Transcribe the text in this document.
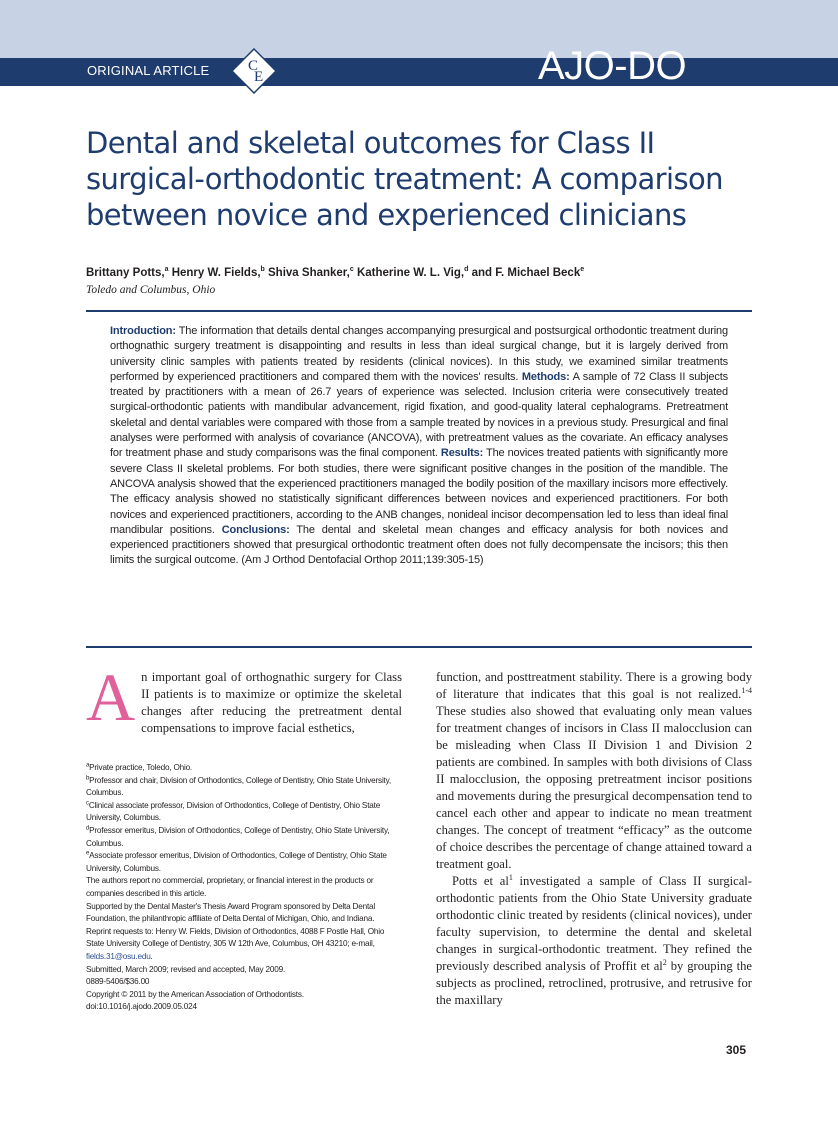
ORIGINAL ARTICLE	C
E	AJO-DO
Dental and skeletal outcomes for Class II surgical-orthodontic treatment: A comparison between novice and experienced clinicians
Brittany Potts,$^a$ Henry W. Fields,$^b$ Shiva Shanker,$^c$ Katherine W. L. Vig,$^d$ and F. Michael Beck$^e$
Toledo and Columbus, Ohio
Introduction: The information that details dental changes accompanying presurgical and postsurgical orthodontic treatment during orthognathic surgery treatment is disappointing and results in less than ideal surgical change, but it is largely derived from university clinic samples with patients treated by residents (clinical novices). In this study, we examined similar treatments performed by experienced practitioners and compared them with the novices' results. Methods: A sample of 72 Class II subjects treated by practitioners with a mean of 26.7 years of experience was selected. Inclusion criteria were consecutively treated surgical-orthodontic patients with mandibular advancement, rigid fixation, and good-quality lateral cephalograms. Pretreatment skeletal and dental variables were compared with those from a sample treated by novices in a previous study. Presurgical and final analyses were performed with analysis of covariance (ANCOVA), with pretreatment values as the covariate. An efficacy analyses for treatment phase and study comparisons was the final component. Results: The novices treated patients with significantly more severe Class II skeletal problems. For both studies, there were significant positive changes in the position of the mandible. The ANCOVA analysis showed that the experienced practitioners managed the bodily position of the maxillary incisors more effectively. The efficacy analysis showed no statistically significant differences between novices and experienced practitioners. For both novices and experienced practitioners, according to the ANB changes, nonideal incisor decompensation led to less than ideal final mandibular positions. Conclusions: The dental and skeletal mean changes and efficacy analysis for both novices and experienced practitioners showed that presurgical orthodontic treatment often does not fully decompensate the incisors; this then limits the surgical outcome. (Am J Orthod Dentofacial Orthop 2011;139:305-15)

An important goal of orthognathic surgery for Class II patients is to maximize or optimize the skeletal changes after reducing the pretreatment dental compensations to improve facial esthetics,

$^a$Private practice, Toledo, Ohio.

$^b$Professor and chair, Division of Orthodontics, College of Dentistry, Ohio State University, Columbus.

$^c$Clinical associate professor, Division of Orthodontics, College of Dentistry, Ohio State University, Columbus.

$^d$Professor emeritus, Division of Orthodontics, College of Dentistry, Ohio State University, Columbus.

$^e$Associate professor emeritus, Division of Orthodontics, College of Dentistry, Ohio State University, Columbus.

The authors report no commercial, proprietary, or financial interest in the products or companies described in this article.

Supported by the Dental Master's Thesis Award Program sponsored by Delta Dental Foundation, the philanthropic affiliate of Delta Dental of Michigan, Ohio, and Indiana.

Reprint requests to: Henry W. Fields, Division of Orthodontics, 4088 F Postle Hall, Ohio State University College of Dentistry, 305 W 12th Ave, Columbus, OH 43210; e-mail, fields.31@osu.edu.

Submitted, March 2009; revised and accepted, May 2009.

0889-5406/$36.00

Copyright © 2011 by the American Association of Orthodontists.

doi:10.1016/j.ajodo.2009.05.024

function, and posttreatment stability. There is a growing body of literature that indicates that this goal is not realized.$^{1-4}$ These studies also showed that evaluating only mean values for treatment changes of incisors in Class II malocclusion can be misleading when Class II Division 1 and Division 2 patients are combined. In samples with both divisions of Class II malocclusion, the opposing pretreatment incisor positions and movements during the presurgical decompensation tend to cancel each other and appear to indicate no mean treatment changes. The concept of treatment “efficacy” as the outcome of choice describes the percentage of change attained toward a treatment goal.

Potts et $al^1$ investigated a sample of Class II surgical-orthodontic patients from the Ohio State University graduate orthodontic clinic treated by residents (clinical novices), under faculty supervision, to determine the dental and skeletal changes in surgical-orthodontic treatment. They refined the previously described analysis of Proffit et $al^2$ by grouping the subjects as proclined, retroclined, protrusive, and retrusive for the maxillary

305
